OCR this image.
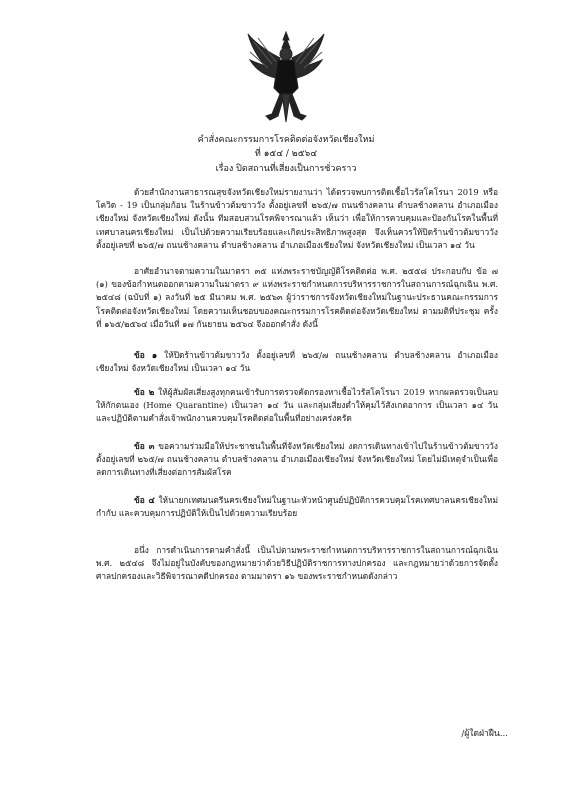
คำสั่งคณะกรรมการโรคติดต่อจังหวัดเชียงใหม่
ที่ ๑๕๔ / ๒๕๖๔
เรื่อง ปิดสถานที่เสี่ยงเป็นการชั่วคราว

ด้วยสำนักงานสาธารณสุขจังหวัดเชียงใหม่รายงานว่า ได้ตรวจพบการติดเชื้อไวรัสโคโรนา 2019 หรือโควิด - 19 เป็นกลุ่มก้อน ในร้านข้าวต้มขาววัง ตั้งอยู่เลขที่ ๒๖๕/๗ ถนนช้างคลาน ตำบลช้างคลาน อำเภอเมืองเชียงใหม่ จังหวัดเชียงใหม่ ดังนั้น ทีมสอบสวนโรคพิจารณาแล้ว เห็นว่า เพื่อให้การควบคุมและป้องกันโรคในพื้นที่เทศบาลนครเชียงใหม่ เป็นไปด้วยความเรียบร้อยและเกิดประสิทธิภาพสูงสุด จึงเห็นควรให้ปิดร้านข้าวต้มขาววัง ตั้งอยู่เลขที่ ๒๖๕/๗ ถนนช้างคลาน ตำบลช้างคลาน อำเภอเมืองเชียงใหม่ จังหวัดเชียงใหม่ เป็นเวลา ๑๔ วัน

อาศัยอำนาจตามความในมาตรา ๓๕ แห่งพระราชบัญญัติโรคติดต่อ พ.ศ. ๒๕๕๘ ประกอบกับ ข้อ ๗ (๑) ของข้อกำหนดออกตามความในมาตรา ๙ แห่งพระราชกำหนดการบริหารราชการในสถานการณ์ฉุกเฉิน พ.ศ. ๒๕๔๘ (ฉบับที่ ๑) ลงวันที่ ๒๕ มีนาคม พ.ศ. ๒๕๖๓ ผู้ว่าราชการจังหวัดเชียงใหม่ในฐานะประธานคณะกรรมการโรคติดต่อจังหวัดเชียงใหม่ โดยความเห็นชอบของคณะกรรมการโรคติดต่อจังหวัดเชียงใหม่ ตามมติที่ประชุม ครั้งที่ ๑๖๕/๒๕๖๔ เมื่อวันที่ ๑๗ กันยายน ๒๕๖๔ จึงออกคำสั่ง ดังนี้

ข้อ ๑ ให้ปิดร้านข้าวต้มขาววัง ตั้งอยู่เลขที่ ๒๖๕/๗ ถนนช้างคลาน ตำบลช้างคลาน อำเภอเมืองเชียงใหม่ จังหวัดเชียงใหม่ เป็นเวลา ๑๔ วัน

ข้อ ๒ ให้ผู้สัมผัสเสี่ยงสูงทุกคนเข้ารับการตรวจคัดกรองหาเชื้อไวรัสโคโรนา 2019 หากผลตรวจเป็นลบให้กักตนเอง (Home Quarantine) เป็นเวลา ๑๔ วัน และกลุ่มเสี่ยงต่ำให้คุมไว้สังเกตอาการ เป็นเวลา ๑๔ วัน และปฏิบัติตามคำสั่งเจ้าพนักงานควบคุมโรคติดต่อในพื้นที่อย่างเคร่งครัด

ข้อ ๓ ขอความร่วมมือให้ประชาชนในพื้นที่จังหวัดเชียงใหม่ งดการเดินทางเข้าไปในร้านข้าวต้มขาววัง ตั้งอยู่เลขที่ ๒๖๕/๗ ถนนช้างคลาน ตำบลช้างคลาน อำเภอเมืองเชียงใหม่ จังหวัดเชียงใหม่ โดยไม่มีเหตุจำเป็นเพื่อลดการเดินทางที่เสี่ยงต่อการสัมผัสโรค

ข้อ ๔ ให้นายกเทศมนตรีนครเชียงใหม่ในฐานะหัวหน้าศูนย์ปฏิบัติการควบคุมโรคเทศบาลนครเชียงใหม่ กำกับ และควบคุมการปฏิบัติให้เป็นไปด้วยความเรียบร้อย

อนึ่ง การดำเนินการตามคำสั่งนี้ เป็นไปตามพระราชกำหนดการบริหารราชการในสถานการณ์ฉุกเฉิน พ.ศ. ๒๕๔๘ จึงไม่อยู่ในบังคับของกฎหมายว่าด้วยวิธีปฏิบัติราชการทางปกครอง และกฎหมายว่าด้วยการจัดตั้งศาลปกครองและวิธีพิจารณาคดีปกครอง ตามมาตรา ๑๖ ของพระราชกำหนดดังกล่าว

/ผู้ใดฝ่าฝืน...
